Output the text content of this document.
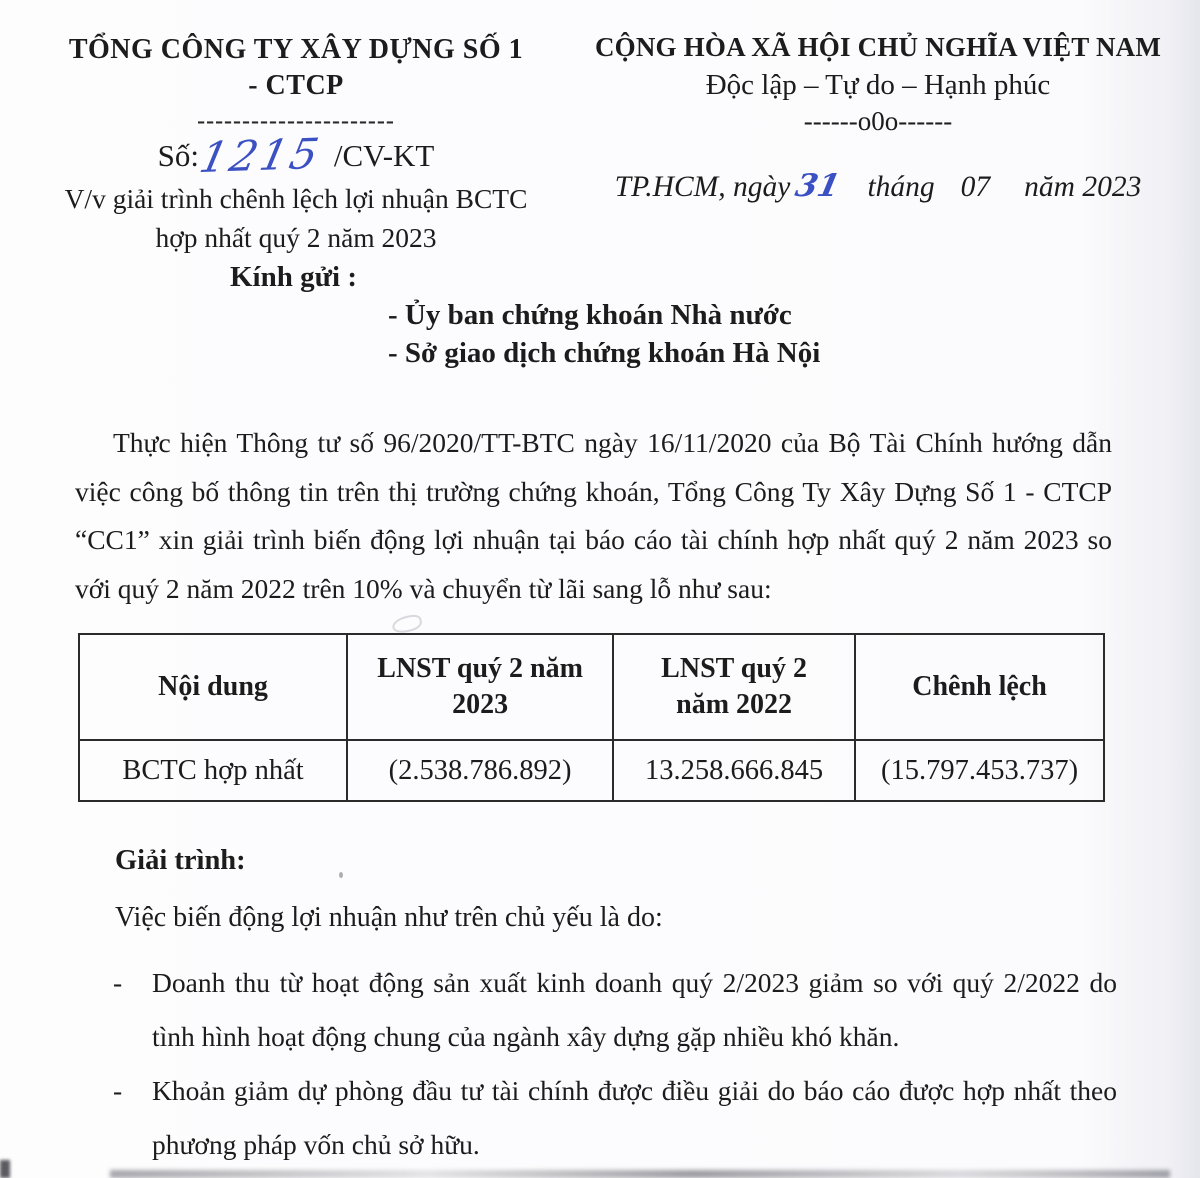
TỔNG CÔNG TY XÂY DỰNG SỐ 1
- CTCP
----------------------
Số:1215 /CV-KT
V/v giải trình chênh lệch lợi nhuận BCTC
hợp nhất quý 2 năm 2023
CỘNG HÒA XÃ HỘI CHỦ NGHĨA VIỆT NAM
Độc lập – Tự do – Hạnh phúc
------o0o------
TP.HCM, ngày31 tháng 07 năm 2023
Kính gửi :
- Ủy ban chứng khoán Nhà nước
- Sở giao dịch chứng khoán Hà Nội
Thực hiện Thông tư số 96/2020/TT-BTC ngày 16/11/2020 của Bộ Tài Chính hướng dẫn việc công bố thông tin trên thị trường chứng khoán, Tổng Công Ty Xây Dựng Số 1 - CTCP “CC1” xin giải trình biến động lợi nhuận tại báo cáo tài chính hợp nhất quý 2 năm 2023 so với quý 2 năm 2022 trên 10% và chuyển từ lãi sang lỗ như sau:
Nội dung	LNST quý 2 năm 2023	LNST quý 2 năm 2022	Chênh lệch
BCTC hợp nhất	(2.538.786.892)	13.258.666.845	(15.797.453.737)
Giải trình:
Việc biến động lợi nhuận như trên chủ yếu là do:
-	Doanh thu từ hoạt động sản xuất kinh doanh quý 2/2023 giảm so với quý 2/2022 do tình hình hoạt động chung của ngành xây dựng gặp nhiều khó khăn.
-	Khoản giảm dự phòng đầu tư tài chính được điều giải do báo cáo được hợp nhất theo phương pháp vốn chủ sở hữu.
